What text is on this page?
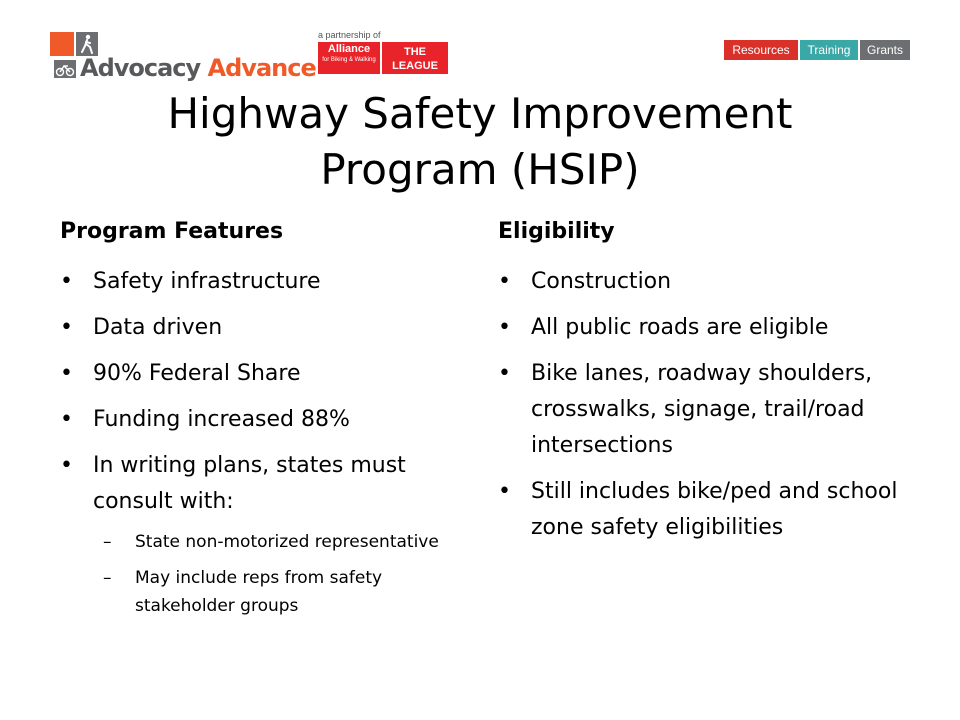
Advocacy Advance
a partnership of
Alliance
for Biking & Walking
THE LEAGUE
OF AMERICAN BICYCLISTS
Resources	Training	Grants
Highway Safety Improvement
Program (HSIP)
Program Features
• Safety infrastructure
• Data driven
• 90% Federal Share
• Funding increased 88%
• In writing plans, states must consult with:
– State non-motorized representative
– May include reps from safety stakeholder groups
Eligibility
• Construction
• All public roads are eligible
• Bike lanes, roadway shoulders, crosswalks, signage, trail/road intersections
• Still includes bike/ped and school zone safety eligibilities
